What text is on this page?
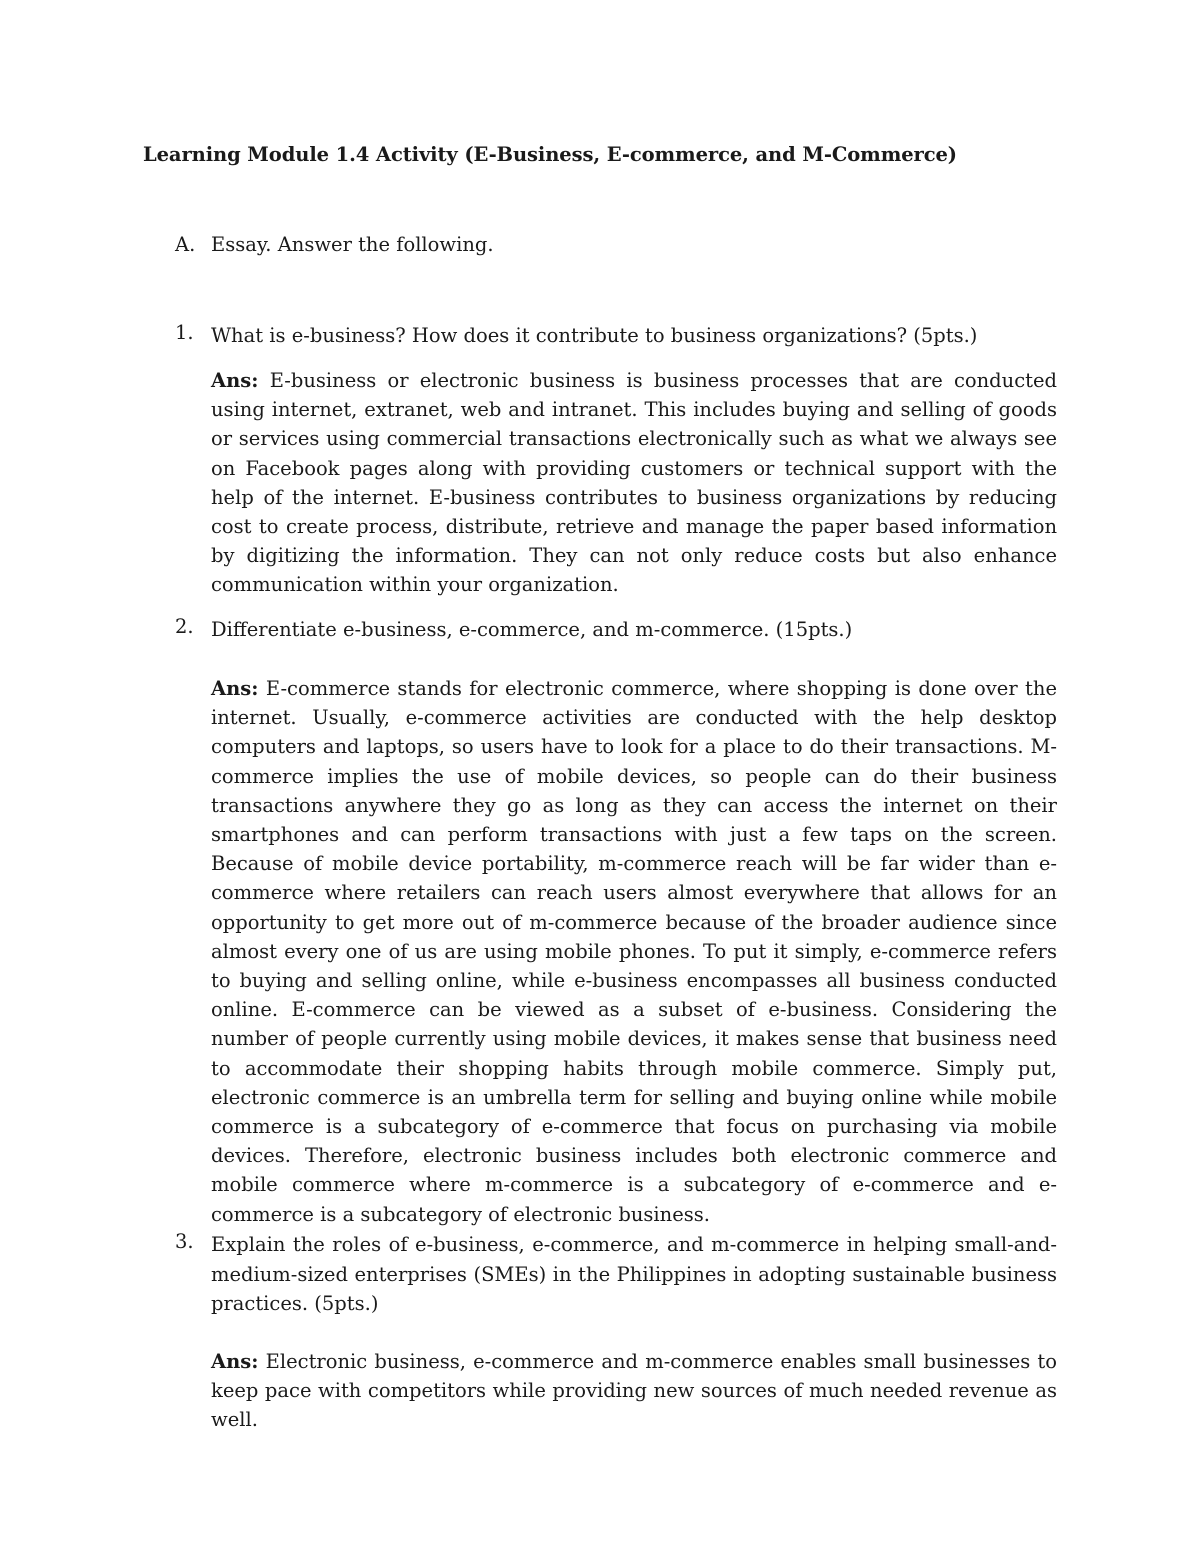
Learning Module 1.4 Activity (E-Business, E-commerce, and M-Commerce)
A. Essay. Answer the following.
1. What is e-business? How does it contribute to business organizations? (5pts.)
Ans: E-business or electronic business is business processes that are conducted using internet, extranet, web and intranet. This includes buying and selling of goods or services using commercial transactions electronically such as what we always see on Facebook pages along with providing customers or technical support with the help of the internet. E-business contributes to business organizations by reducing cost to create process, distribute, retrieve and manage the paper based information by digitizing the information. They can not only reduce costs but also enhance communication within your organization.
2. Differentiate e-business, e-commerce, and m-commerce. (15pts.)
Ans: E-commerce stands for electronic commerce, where shopping is done over the internet. Usually, e-commerce activities are conducted with the help desktop computers and laptops, so users have to look for a place to do their transactions. M-commerce implies the use of mobile devices, so people can do their business transactions anywhere they go as long as they can access the internet on their smartphones and can perform transactions with just a few taps on the screen. Because of mobile device portability, m-commerce reach will be far wider than e-commerce where retailers can reach users almost everywhere that allows for an opportunity to get more out of m-commerce because of the broader audience since almost every one of us are using mobile phones. To put it simply, e-commerce refers to buying and selling online, while e-business encompasses all business conducted online. E-commerce can be viewed as a subset of e-business. Considering the number of people currently using mobile devices, it makes sense that business need to accommodate their shopping habits through mobile commerce. Simply put, electronic commerce is an umbrella term for selling and buying online while mobile commerce is a subcategory of e-commerce that focus on purchasing via mobile devices. Therefore, electronic business includes both electronic commerce and mobile commerce where m-commerce is a subcategory of e-commerce and e-commerce is a subcategory of electronic business.
3. Explain the roles of e-business, e-commerce, and m-commerce in helping small-and-medium-sized enterprises (SMEs) in the Philippines in adopting sustainable business practices. (5pts.)
Ans: Electronic business, e-commerce and m-commerce enables small businesses to keep pace with competitors while providing new sources of much needed revenue as well.
